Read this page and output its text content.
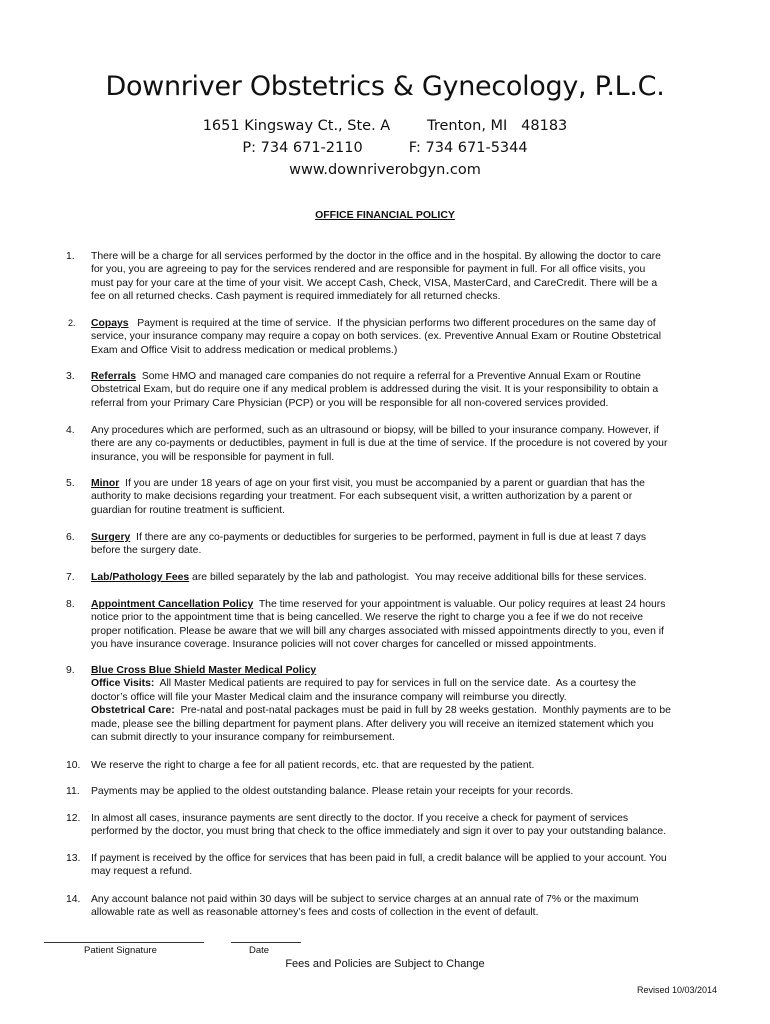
Downriver Obstetrics & Gynecology, P.L.C.
1651 Kingsway Ct., Ste. A        Trenton, MI   48183
P: 734 671-2110          F: 734 671-5344
www.downriverobgyn.com
OFFICE FINANCIAL POLICY
1. There will be a charge for all services performed by the doctor in the office and in the hospital. By allowing the doctor to care
for you, you are agreeing to pay for the services rendered and are responsible for payment in full. For all office visits, you
must pay for your care at the time of your visit. We accept Cash, Check, VISA, MasterCard, and CareCredit. There will be a
fee on all returned checks. Cash payment is required immediately for all returned checks.
2. Copays   Payment is required at the time of service.  If the physician performs two different procedures on the same day of
service, your insurance company may require a copay on both services. (ex. Preventive Annual Exam or Routine Obstetrical
Exam and Office Visit to address medication or medical problems.)
3. Referrals  Some HMO and managed care companies do not require a referral for a Preventive Annual Exam or Routine
Obstetrical Exam, but do require one if any medical problem is addressed during the visit. It is your responsibility to obtain a
referral from your Primary Care Physician (PCP) or you will be responsible for all non-covered services provided.
4. Any procedures which are performed, such as an ultrasound or biopsy, will be billed to your insurance company. However, if
there are any co-payments or deductibles, payment in full is due at the time of service. If the procedure is not covered by your
insurance, you will be responsible for payment in full.
5. Minor  If you are under 18 years of age on your first visit, you must be accompanied by a parent or guardian that has the
authority to make decisions regarding your treatment. For each subsequent visit, a written authorization by a parent or
guardian for routine treatment is sufficient.
6. Surgery  If there are any co-payments or deductibles for surgeries to be performed, payment in full is due at least 7 days
before the surgery date.
7. Lab/Pathology Fees are billed separately by the lab and pathologist.  You may receive additional bills for these services.
8. Appointment Cancellation Policy  The time reserved for your appointment is valuable. Our policy requires at least 24 hours
notice prior to the appointment time that is being cancelled. We reserve the right to charge you a fee if we do not receive
proper notification. Please be aware that we will bill any charges associated with missed appointments directly to you, even if
you have insurance coverage. Insurance policies will not cover charges for cancelled or missed appointments.
9. Blue Cross Blue Shield Master Medical Policy
Office Visits:  All Master Medical patients are required to pay for services in full on the service date.  As a courtesy the
doctor’s office will file your Master Medical claim and the insurance company will reimburse you directly.
Obstetrical Care:  Pre-natal and post-natal packages must be paid in full by 28 weeks gestation.  Monthly payments are to be
made, please see the billing department for payment plans. After delivery you will receive an itemized statement which you
can submit directly to your insurance company for reimbursement.
10. We reserve the right to charge a fee for all patient records, etc. that are requested by the patient.
11. Payments may be applied to the oldest outstanding balance. Please retain your receipts for your records.
12. In almost all cases, insurance payments are sent directly to the doctor. If you receive a check for payment of services
performed by the doctor, you must bring that check to the office immediately and sign it over to pay your outstanding balance.
13. If payment is received by the office for services that has been paid in full, a credit balance will be applied to your account. You
may request a refund.
14. Any account balance not paid within 30 days will be subject to service charges at an annual rate of 7% or the maximum
allowable rate as well as reasonable attorney’s fees and costs of collection in the event of default.
Patient Signature	Date
Fees and Policies are Subject to Change
Revised 10/03/2014
